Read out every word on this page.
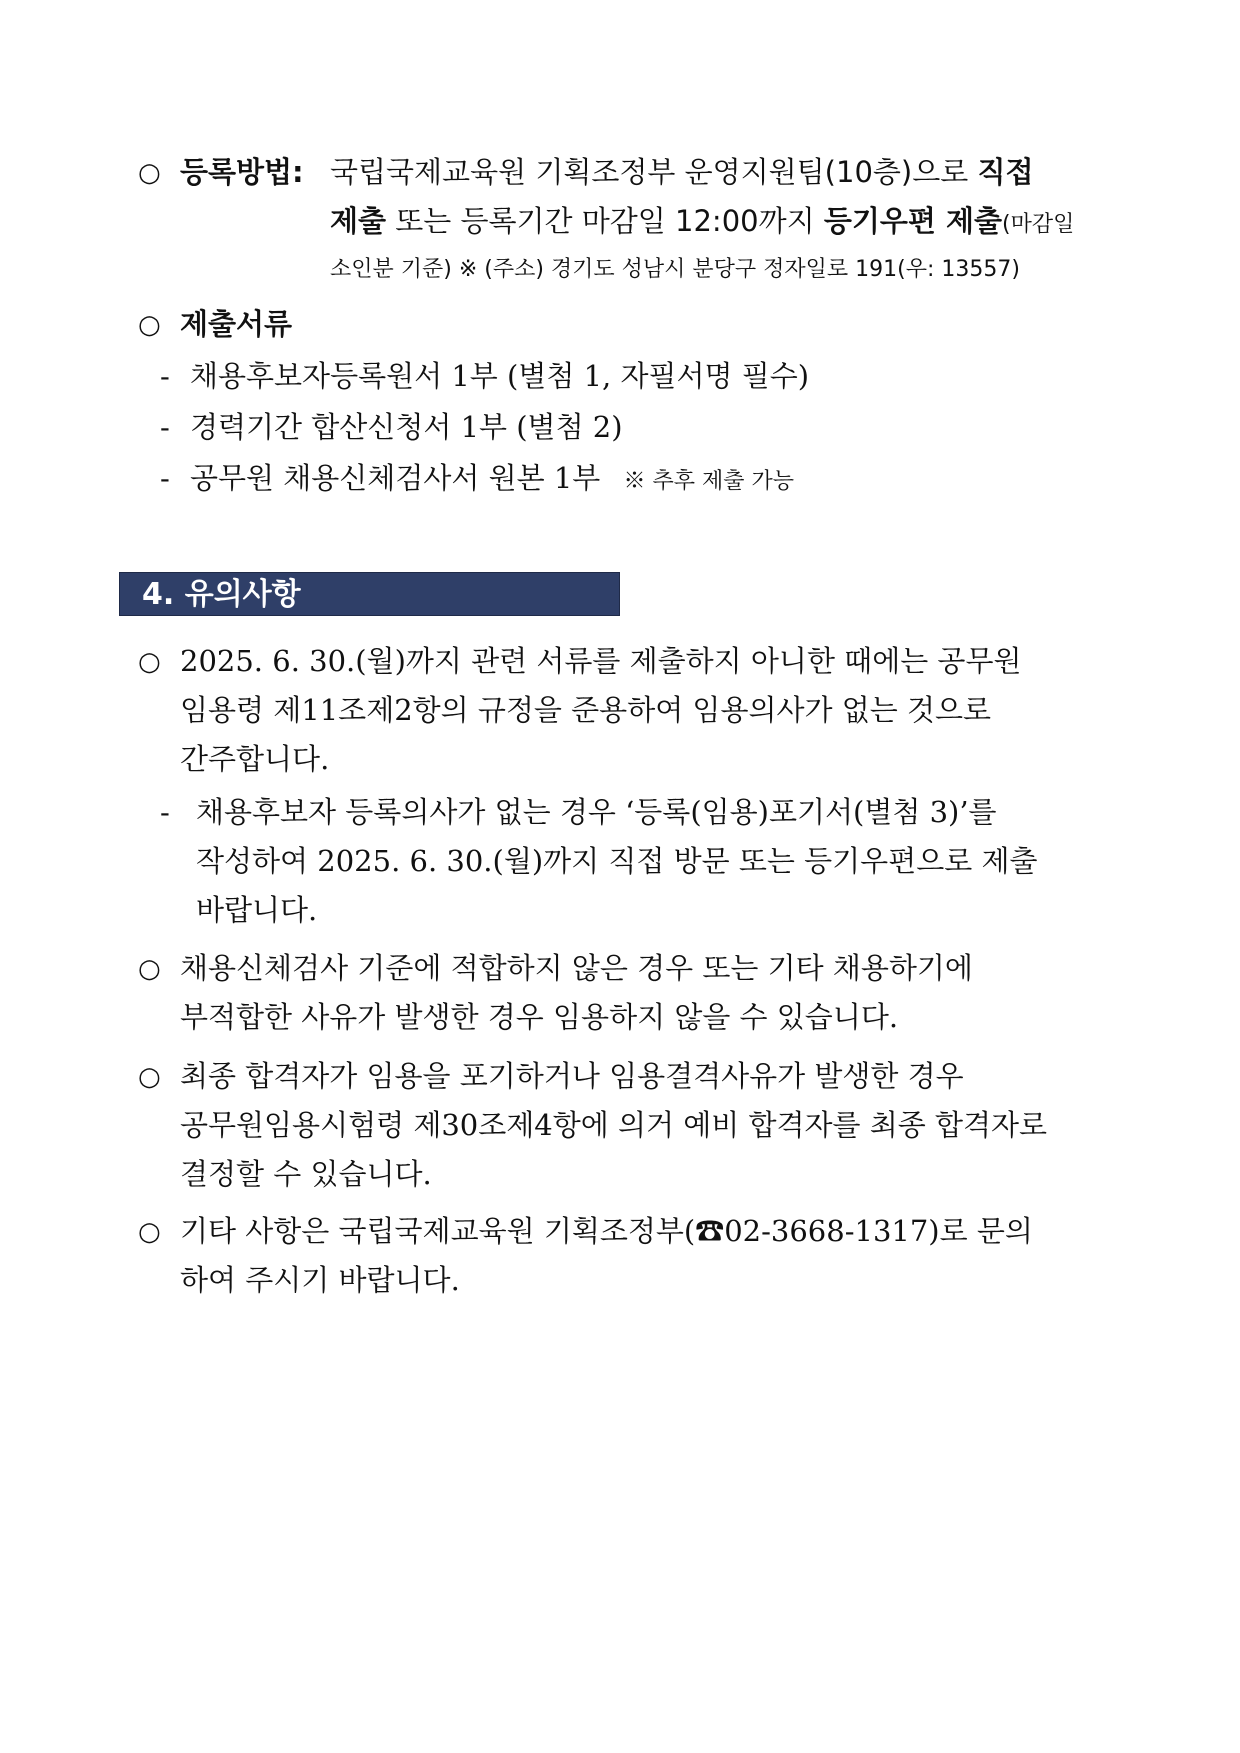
○ 등록방법: 국립국제교육원 기획조정부 운영지원팀(10층)으로 직접
제출 또는 등록기간 마감일 12:00까지 등기우편 제출(마감일
소인분 기준) ※ (주소) 경기도 성남시 분당구 정자일로 191(우: 13557)
○ 제출서류
- 채용후보자등록원서 1부 (별첨 1, 자필서명 필수)
- 경력기간 합산신청서 1부 (별첨 2)
- 공무원 채용신체검사서 원본 1부 ※ 추후 제출 가능
4. 유의사항
○ 2025. 6. 30.(월)까지 관련 서류를 제출하지 아니한 때에는 공무원
임용령 제11조제2항의 규정을 준용하여 임용의사가 없는 것으로
간주합니다.
- 채용후보자 등록의사가 없는 경우 ‘등록(임용)포기서(별첨 3)’를
작성하여 2025. 6. 30.(월)까지 직접 방문 또는 등기우편으로 제출
바랍니다.
○ 채용신체검사 기준에 적합하지 않은 경우 또는 기타 채용하기에
부적합한 사유가 발생한 경우 임용하지 않을 수 있습니다.
○ 최종 합격자가 임용을 포기하거나 임용결격사유가 발생한 경우
공무원임용시험령 제30조제4항에 의거 예비 합격자를 최종 합격자로
결정할 수 있습니다.
○ 기타 사항은 국립국제교육원 기획조정부(☎02-3668-1317)로 문의
하여 주시기 바랍니다.
